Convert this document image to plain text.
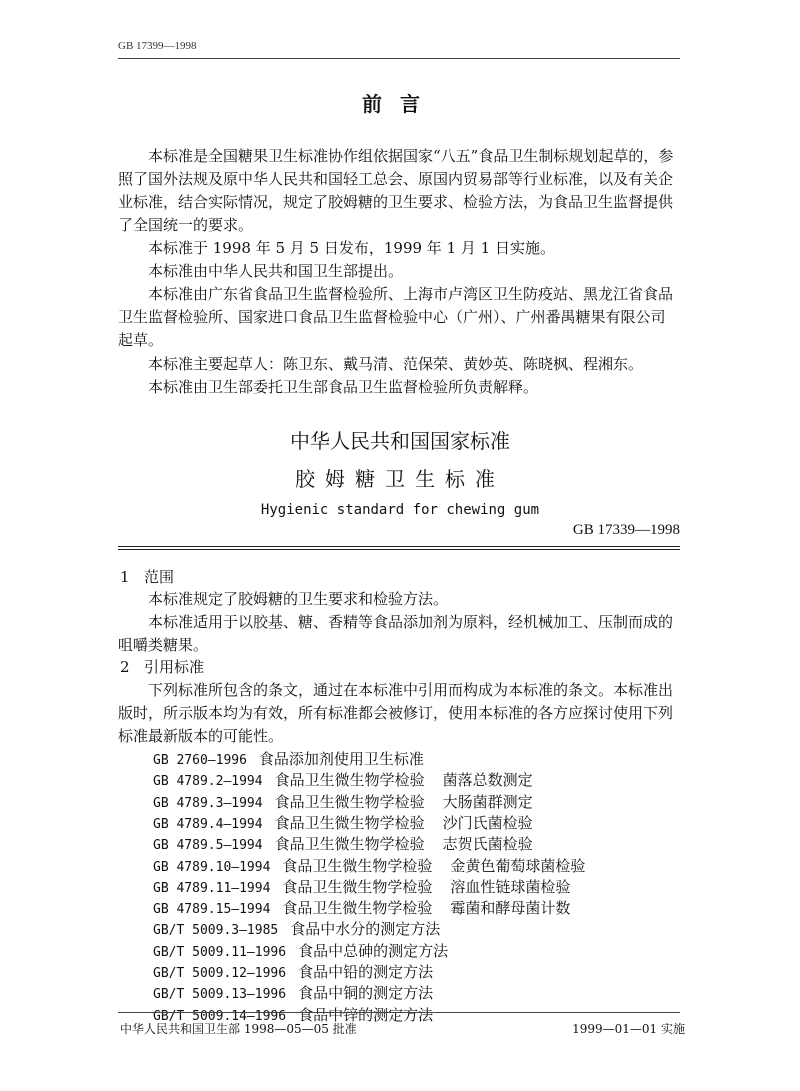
GB 17399—1998
前言

本标准是全国糖果卫生标准协作组依据国家“八五”食品卫生制标规划起草的，参照了国外法规及原中华人民共和国轻工总会、原国内贸易部等行业标准，以及有关企业标准，结合实际情况，规定了胶姆糖的卫生要求、检验方法，为食品卫生监督提供了全国统一的要求。

本标准于 1998 年 5 月 5 日发布，1999 年 1 月 1 日实施。

本标准由中华人民共和国卫生部提出。

本标准由广东省食品卫生监督检验所、上海市卢湾区卫生防疫站、黑龙江省食品卫生监督检验所、国家进口食品卫生监督检验中心（广州）、广州番禺糖果有限公司起草。

本标准主要起草人：陈卫东、戴马清、范保荣、黄妙英、陈晓枫、程湘东。

本标准由卫生部委托卫生部食品卫生监督检验所负责解释。

中华人民共和国国家标准
胶姆糖卫生标准
Hygienic standard for chewing gum
GB 17339—1998
1 范围

本标准规定了胶姆糖的卫生要求和检验方法。

本标准适用于以胶基、糖、香精等食品添加剂为原料，经机械加工、压制而成的咀嚼类糖果。

2 引用标准

下列标准所包含的条文，通过在本标准中引用而构成为本标准的条文。本标准出版时，所示版本均为有效，所有标准都会被修订，使用本标准的各方应探讨使用下列标准最新版本的可能性。

GB 2760—1996 食品添加剂使用卫生标准
GB 4789.2—1994 食品卫生微生物学检验 菌落总数测定
GB 4789.3—1994 食品卫生微生物学检验 大肠菌群测定
GB 4789.4—1994 食品卫生微生物学检验 沙门氏菌检验
GB 4789.5—1994 食品卫生微生物学检验 志贺氏菌检验
GB 4789.10—1994 食品卫生微生物学检验 金黄色葡萄球菌检验
GB 4789.11—1994 食品卫生微生物学检验 溶血性链球菌检验
GB 4789.15—1994 食品卫生微生物学检验 霉菌和酵母菌计数
GB/T 5009.3—1985 食品中水分的测定方法
GB/T 5009.11—1996 食品中总砷的测定方法
GB/T 5009.12—1996 食品中铅的测定方法
GB/T 5009.13—1996 食品中铜的测定方法
GB/T 5009.14—1996 食品中锌的测定方法
中华人民共和国卫生部 1998—05—05 批准	1999—01—01 实施
